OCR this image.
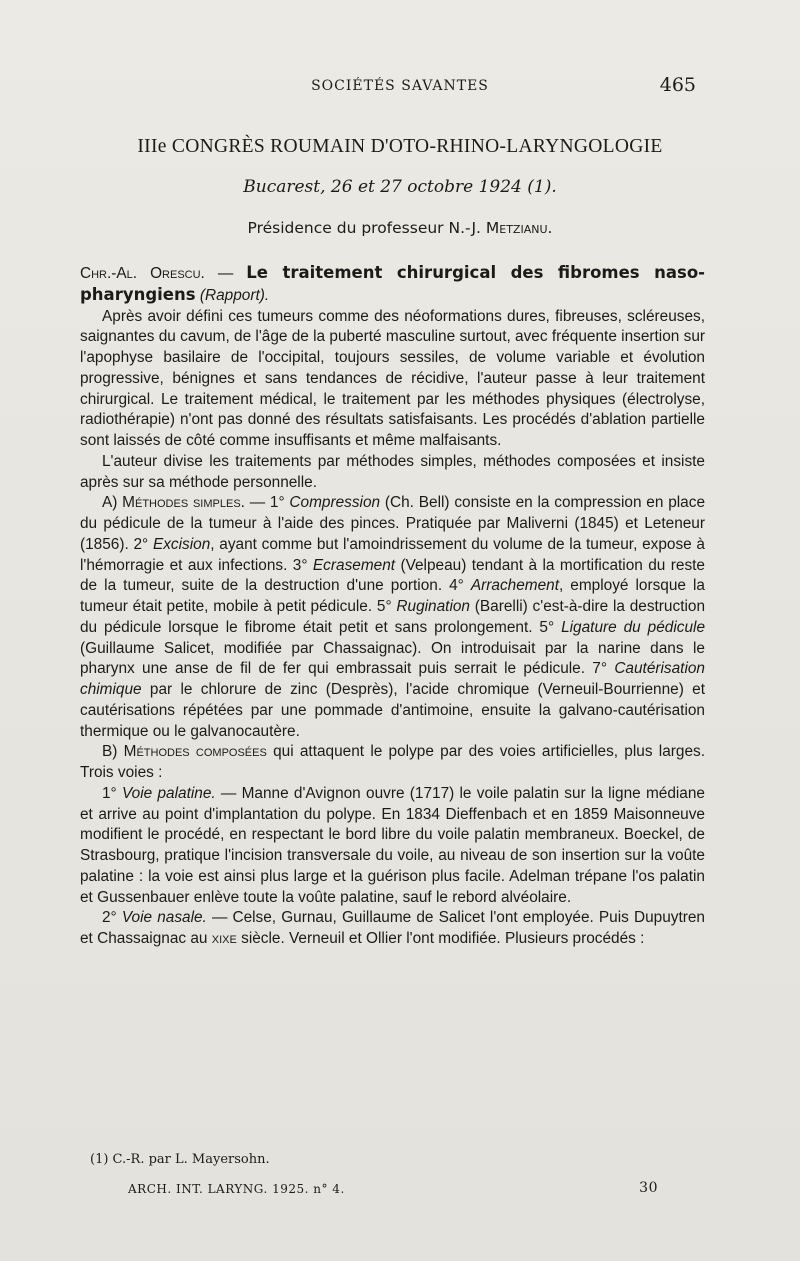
SOCIÉTÉS SAVANTES	465
IIIe CONGRÈS ROUMAIN D'OTO-RHINO-LARYNGOLOGIE
Bucarest, 26 et 27 octobre 1924 (1).
Présidence du professeur N.-J. Metzianu.

Chr.-Al. Orescu. — Le traitement chirurgical des fibromes naso-pharyngiens (Rapport).

Après avoir défini ces tumeurs comme des néoformations dures, fibreuses, scléreuses, saignantes du cavum, de l'âge de la puberté masculine surtout, avec fréquente insertion sur l'apophyse basilaire de l'occipital, toujours sessiles, de volume variable et évolution progressive, bénignes et sans tendances de récidive, l'auteur passe à leur traitement chirurgical. Le traitement médical, le traitement par les méthodes physiques (électrolyse, radiothérapie) n'ont pas donné des résultats satisfaisants. Les procédés d'ablation partielle sont laissés de côté comme insuffisants et même malfaisants.

L'auteur divise les traitements par méthodes simples, méthodes composées et insiste après sur sa méthode personnelle.

A) Méthodes simples. — 1° Compression (Ch. Bell) consiste en la compression en place du pédicule de la tumeur à l'aide des pinces. Pratiquée par Maliverni (1845) et Leteneur (1856). 2° Excision, ayant comme but l'amoindrissement du volume de la tumeur, expose à l'hémorragie et aux infections. 3° Ecrasement (Velpeau) tendant à la mortification du reste de la tumeur, suite de la destruction d'une portion. 4° Arrachement, employé lorsque la tumeur était petite, mobile à petit pédicule. 5° Rugination (Barelli) c'est-à-dire la destruction du pédicule lorsque le fibrome était petit et sans prolongement. 5° Ligature du pédicule (Guillaume Salicet, modifiée par Chassaignac). On introduisait par la narine dans le pharynx une anse de fil de fer qui embrassait puis serrait le pédicule. 7° Cautérisation chimique par le chlorure de zinc (Desprès), l'acide chromique (Verneuil-Bourrienne) et cautérisations répétées par une pommade d'antimoine, ensuite la galvano-cautérisation thermique ou le galvanocautère.

B) Méthodes composées qui attaquent le polype par des voies artificielles, plus larges. Trois voies :

1° Voie palatine. — Manne d'Avignon ouvre (1717) le voile palatin sur la ligne médiane et arrive au point d'implantation du polype. En 1834 Dieffenbach et en 1859 Maisonneuve modifient le procédé, en respectant le bord libre du voile palatin membraneux. Boeckel, de Strasbourg, pratique l'incision transversale du voile, au niveau de son insertion sur la voûte palatine : la voie est ainsi plus large et la guérison plus facile. Adelman trépane l'os palatin et Gussenbauer enlève toute la voûte palatine, sauf le rebord alvéolaire.

2° Voie nasale. — Celse, Gurnau, Guillaume de Salicet l'ont employée. Puis Dupuytren et Chassaignac au xixe siècle. Verneuil et Ollier l'ont modifiée. Plusieurs procédés :

(1) C.-R. par L. Mayersohn.
ARCH. INT. LARYNG. 1925. n° 4.	30
